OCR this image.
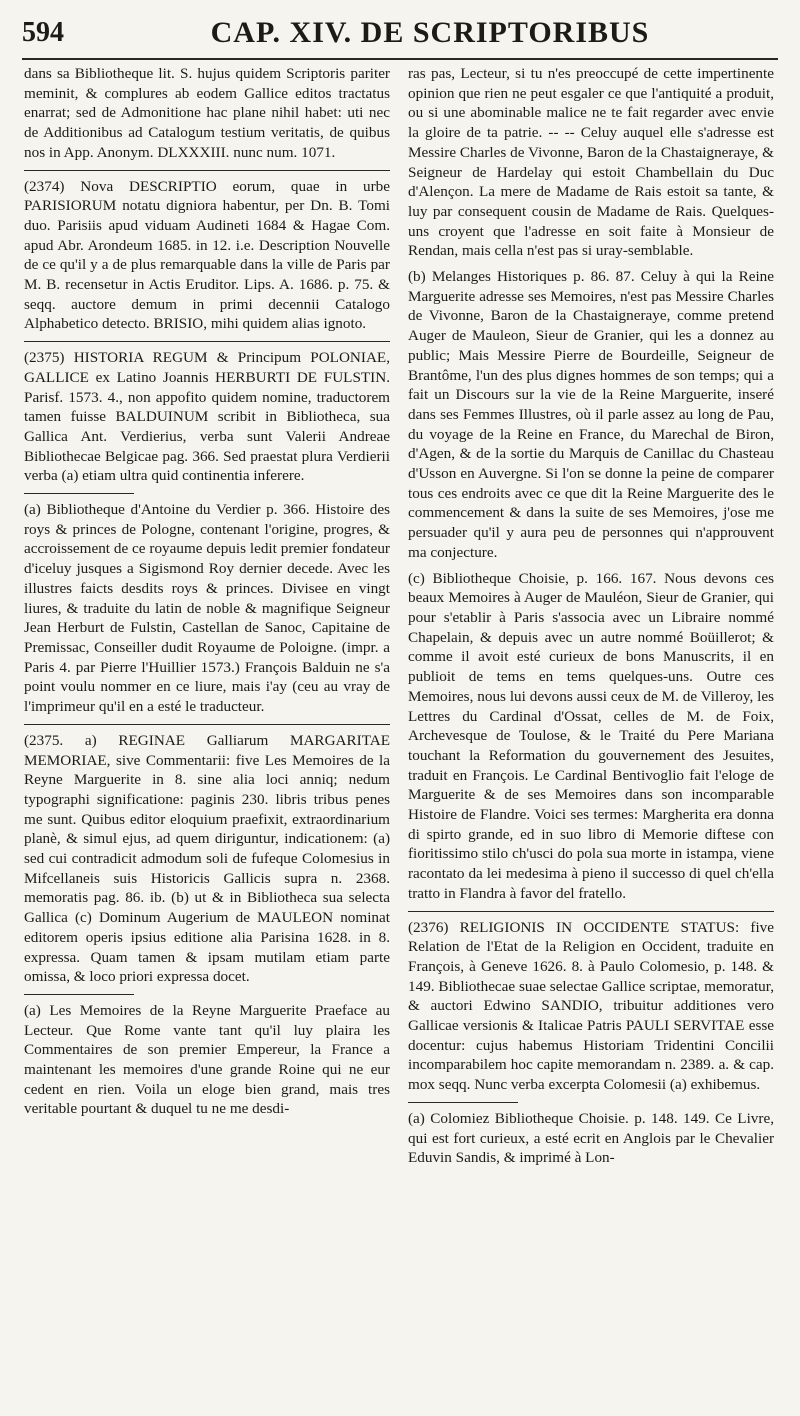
594	CAP. XIV. DE SCRIPTORIBUS

dans sa Bibliotheque lit. S. hujus quidem Scriptoris pariter meminit, & complures ab eodem Gallice editos tractatus enarrat; sed de Admonitione hac plane nihil habet: uti nec de Additionibus ad Catalogum testium veritatis, de quibus nos in App. Anonym. DLXXXIII. nunc num. 1071.

(2374) Nova DESCRIPTIO eorum, quae in urbe PARISIORUM notatu digniora habentur, per Dn. B. Tomi duo. Parisiis apud viduam Audineti 1684 & Hagae Com. apud Abr. Arondeum 1685. in 12. i.e. Description Nouvelle de ce qu'il y a de plus remarquable dans la ville de Paris par M. B. recensetur in Actis Eruditor. Lips. A. 1686. p. 75. & seqq. auctore demum in primi decennii Catalogo Alphabetico detecto. BRISIO, mihi quidem alias ignoto.

(2375) HISTORIA REGUM & Principum POLONIAE, GALLICE ex Latino Joannis HERBURTI DE FULSTIN. Parisf. 1573. 4., non appofito quidem nomine, traductorem tamen fuisse BALDUINUM scribit in Bibliotheca, sua Gallica Ant. Verdierius, verba sunt Valerii Andreae Bibliothecae Belgicae pag. 366. Sed praestat plura Verdierii verba (a) etiam ultra quid continentia inferere.

(a) Bibliotheque d'Antoine du Verdier p. 366. Histoire des roys & princes de Pologne, contenant l'origine, progres, & accroissement de ce royaume depuis ledit premier fondateur d'iceluy jusques a Sigismond Roy dernier decede. Avec les illustres faicts desdits roys & princes. Divisee en vingt liures, & traduite du latin de noble & magnifique Seigneur Jean Herburt de Fulstin, Castellan de Sanoc, Capitaine de Premissac, Conseiller dudit Royaume de Poloigne. (impr. a Paris 4. par Pierre l'Huillier 1573.) François Balduin ne s'a point voulu nommer en ce liure, mais i'ay (ceu au vray de l'imprimeur qu'il en a esté le traducteur.

(2375. a) REGINAE Galliarum MARGARITAE MEMORIAE, sive Commentarii: five Les Memoires de la Reyne Marguerite in 8. sine alia loci anniq; nedum typographi significatione: paginis 230. libris tribus penes me sunt. Quibus editor eloquium praefixit, extraordinarium planè, & simul ejus, ad quem diriguntur, indicationem: (a) sed cui contradicit admodum soli de fufeque Colomesius in Mifcellaneis suis Historicis Gallicis supra n. 2368. memoratis pag. 86. ib. (b) ut & in Bibliotheca sua selecta Gallica (c) Dominum Augerium de MAULEON nominat editorem operis ipsius editione alia Parisina 1628. in 8. expressa. Quam tamen & ipsam mutilam etiam parte omissa, & loco priori expressa docet.

(a) Les Memoires de la Reyne Marguerite Praeface au Lecteur. Que Rome vante tant qu'il luy plaira les Commentaires de son premier Empereur, la France a maintenant les memoires d'une grande Roine qui ne eur cedent en rien. Voila un eloge bien grand, mais tres veritable pourtant & duquel tu ne me desdi-

ras pas, Lecteur, si tu n'es preoccupé de cette impertinente opinion que rien ne peut esgaler ce que l'antiquité a produit, ou si une abominable malice ne te fait regarder avec envie la gloire de ta patrie. -- -- Celuy auquel elle s'adresse est Messire Charles de Vivonne, Baron de la Chastaigneraye, & Seigneur de Hardelay qui estoit Chambellain du Duc d'Alençon. La mere de Madame de Rais estoit sa tante, & luy par consequent cousin de Madame de Rais. Quelques-uns croyent que l'adresse en soit faite à Monsieur de Rendan, mais cella n'est pas si uray-semblable.

(b) Melanges Historiques p. 86. 87. Celuy à qui la Reine Marguerite adresse ses Memoires, n'est pas Messire Charles de Vivonne, Baron de la Chastaigneraye, comme pretend Auger de Mauleon, Sieur de Granier, qui les a donnez au public; Mais Messire Pierre de Bourdeille, Seigneur de Brantôme, l'un des plus dignes hommes de son temps; qui a fait un Discours sur la vie de la Reine Marguerite, inseré dans ses Femmes Illustres, où il parle assez au long de Pau, du voyage de la Reine en France, du Marechal de Biron, d'Agen, & de la sortie du Marquis de Canillac du Chasteau d'Usson en Auvergne. Si l'on se donne la peine de comparer tous ces endroits avec ce que dit la Reine Marguerite des le commencement & dans la suite de ses Memoires, j'ose me persuader qu'il y aura peu de personnes qui n'approuvent ma conjecture.

(c) Bibliotheque Choisie, p. 166. 167. Nous devons ces beaux Memoires à Auger de Mauléon, Sieur de Granier, qui pour s'etablir à Paris s'associa avec un Libraire nommé Chapelain, & depuis avec un autre nommé Boüillerot; & comme il avoit esté curieux de bons Manuscrits, il en publioit de tems en tems quelques-uns. Outre ces Memoires, nous lui devons aussi ceux de M. de Villeroy, les Lettres du Cardinal d'Ossat, celles de M. de Foix, Archevesque de Toulose, & le Traité du Pere Mariana touchant la Reformation du gouvernement des Jesuites, traduit en François. Le Cardinal Bentivoglio fait l'eloge de Marguerite & de ses Memoires dans son incomparable Histoire de Flandre. Voici ses termes: Margherita era donna di spirto grande, ed in suo libro di Memorie diftese con fioritissimo stilo ch'usci do pola sua morte in istampa, viene racontato da lei medesima à pieno il successo di quel ch'ella tratto in Flandra à favor del fratello.

(2376) RELIGIONIS IN OCCIDENTE STATUS: five Relation de l'Etat de la Religion en Occident, traduite en François, à Geneve 1626. 8. à Paulo Colomesio, p. 148. & 149. Bibliothecae suae selectae Gallice scriptae, memoratur, & auctori Edwino SANDIO, tribuitur additiones vero Gallicae versionis & Italicae Patris PAULI SERVITAE esse docentur: cujus habemus Historiam Tridentini Concilii incomparabilem hoc capite memorandam n. 2389. a. & cap. mox seqq. Nunc verba excerpta Colomesii (a) exhibemus.

(a) Colomiez Bibliotheque Choisie. p. 148. 149. Ce Livre, qui est fort curieux, a esté ecrit en Anglois par le Chevalier Eduvin Sandis, & imprimé à Lon-
